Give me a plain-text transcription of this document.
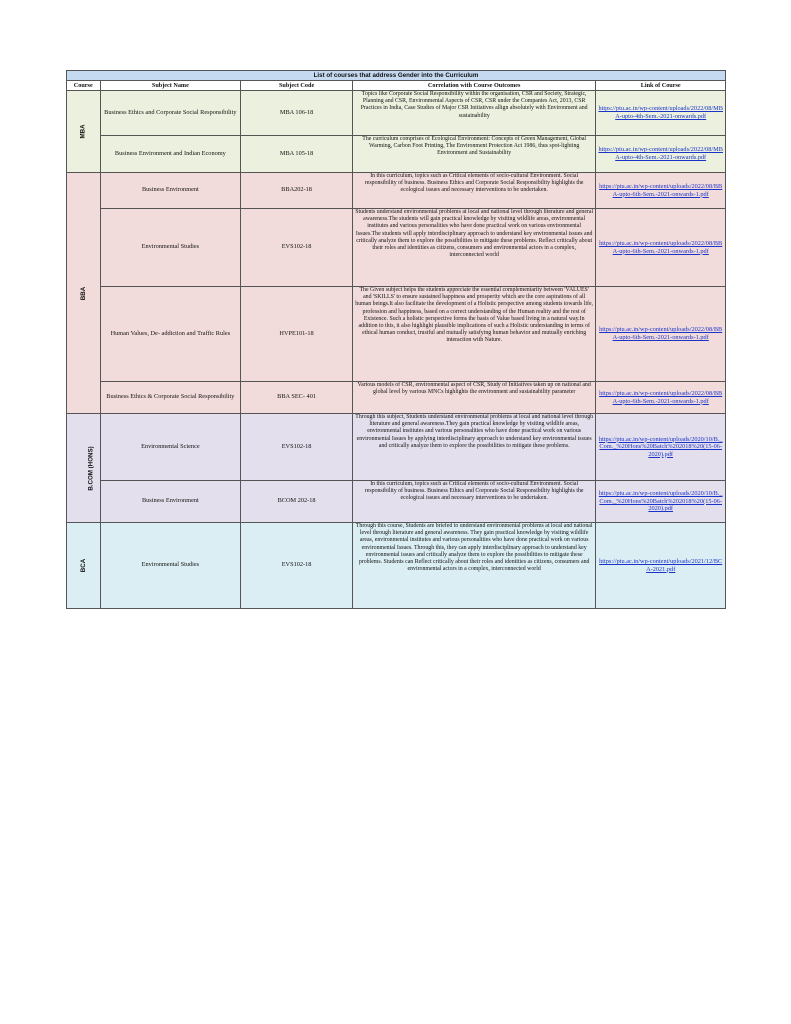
List of courses that address Gender into the Curriculum				
Course	Subject Name	Subject Code	Correlation with Course Outcomes	Link of Course
MBA	Business Ethics and Corporate Social Responsibility	MBA 106-18	Topics like Corporate Social Responsibility within the organisation, CSR and Society, Strategic, Planning and CSR, Environmental Aspects of CSR, CSR under the Companies Act, 2013, CSR Practices in India, Case Studies of Major CSR Initiatives allign absolutely with Environment and sustainability	https://ptu.ac.in/wp-content/uploads/2022/08/MBA-upto-4th-Sem.-2021-onwards.pdf
	Business Environment and Indian Economy	MBA 105-18	The curriculum comprises of Ecological Environment: Concepts of Green Management, Global Warming, Carbon Foot Printing, The Environment Protection Act 1986, thus spot-lighting Environment and Sustainability	https://ptu.ac.in/wp-content/uploads/2022/08/MBA-upto-4th-Sem.-2021-onwards.pdf
BBA	Business Environment	BBA202-18	In this curriculum, topics such as Critical elements of socio-cultural Environment. Social responsibility of business. Business Ethics and Corporate Social Responsibility highlights the ecological issues and necessary interventions to be undertaken.	https://ptu.ac.in/wp-content/uploads/2022/08/BBA-upto-6th-Sem.-2021-onwards-1.pdf
	Environmental Studies	EVS102-18	Students understand environmental problems at local and national level through literature and general awareness.The students will gain practical knowledge by visiting wildlife areas, environmental institutes and various personalities who have done practical work on various environmental Issues.The students will apply interdisciplinary approach to understand key environmental issues and critically analyze them to explore the possibilities to mitigate these problems. Reflect critically about their roles and identities as citizens, consumers and environmental actors in a complex, interconnected world	https://ptu.ac.in/wp-content/uploads/2022/08/BBA-upto-6th-Sem.-2021-onwards-1.pdf
	Human Values, De- addiction and Traffic Rules	HVPE101-18	The Given subject helps the students appreciate the essential complementarity between 'VALUES' and 'SKILLS' to ensure sustained happiness and prosperity which are the core aspirations of all human beings.It also facilitate the development of a Holistic perspective among students towards life, profession and happiness, based on a correct understanding of the Human reality and the rest of Existence. Such a holistic perspective forms the basis of Value based living in a natural way.In addition to this, it also highlight plausible implications of such a Holistic understanding in terms of ethical human conduct, trustful and mutually satisfying human behavior and mutually enriching interaction with Nature.	https://ptu.ac.in/wp-content/uploads/2022/08/BBA-upto-6th-Sem.-2021-onwards-1.pdf
	Business Ethics & Corporate Social Responsibility	BBA SEC- 401	Various models of CSR, environmental aspect of CSR, Study of Initiatives taken up on national and global level by various MNCs highlights the environment and sustainability parameter	https://ptu.ac.in/wp-content/uploads/2022/08/BBA-upto-6th-Sem.-2021-onwards-1.pdf
B.COM (HONS)	Environmental Science	EVS102-18	Through this subject, Students understand environmental problems at local and national level through literature and general awareness.They gain practical knowledge by visiting wildlife areas, environmental institutes and various personalities who have done practical work on various environmental Issues by applying interdisciplinary approach to understand key environmental issues and critically analyze them to explore the possibilities to mitigate these problems.	https://ptu.ac.in/wp-content/uploads/2020/10/B._Com._%20Hons%20Batch%202018%20(15-06-2020).pdf
	Business Environment	BCOM 202-18	In this curriculum, topics such as Critical elements of socio-cultural Environment. Social responsibility of business. Business Ethics and Corporate Social Responsibility highlights the ecological issues and necessary interventions to be undertaken.	https://ptu.ac.in/wp-content/uploads/2020/10/B._Com._%20Hons%20Batch%202018%20(15-06-2020).pdf
BCA	Environmental Studies	EVS102-18	Through this course, Students are briefed to understand environmental problems at local and national level through literature and general awareness. They gain practical knowledge by visiting wildlife areas, environmental institutes and various personalities who have done practical work on various environmental Issues. Through this, they can apply interdisciplinary approach to understand key environmental issues and critically analyze them to explore the possibilities to mitigate these problems. Students can Reflect critically about their roles and identities as citizens, consumers and environmental actors in a complex, interconnected world	https://ptu.ac.in/wp-content/uploads/2021/12/BCA-2021.pdf
